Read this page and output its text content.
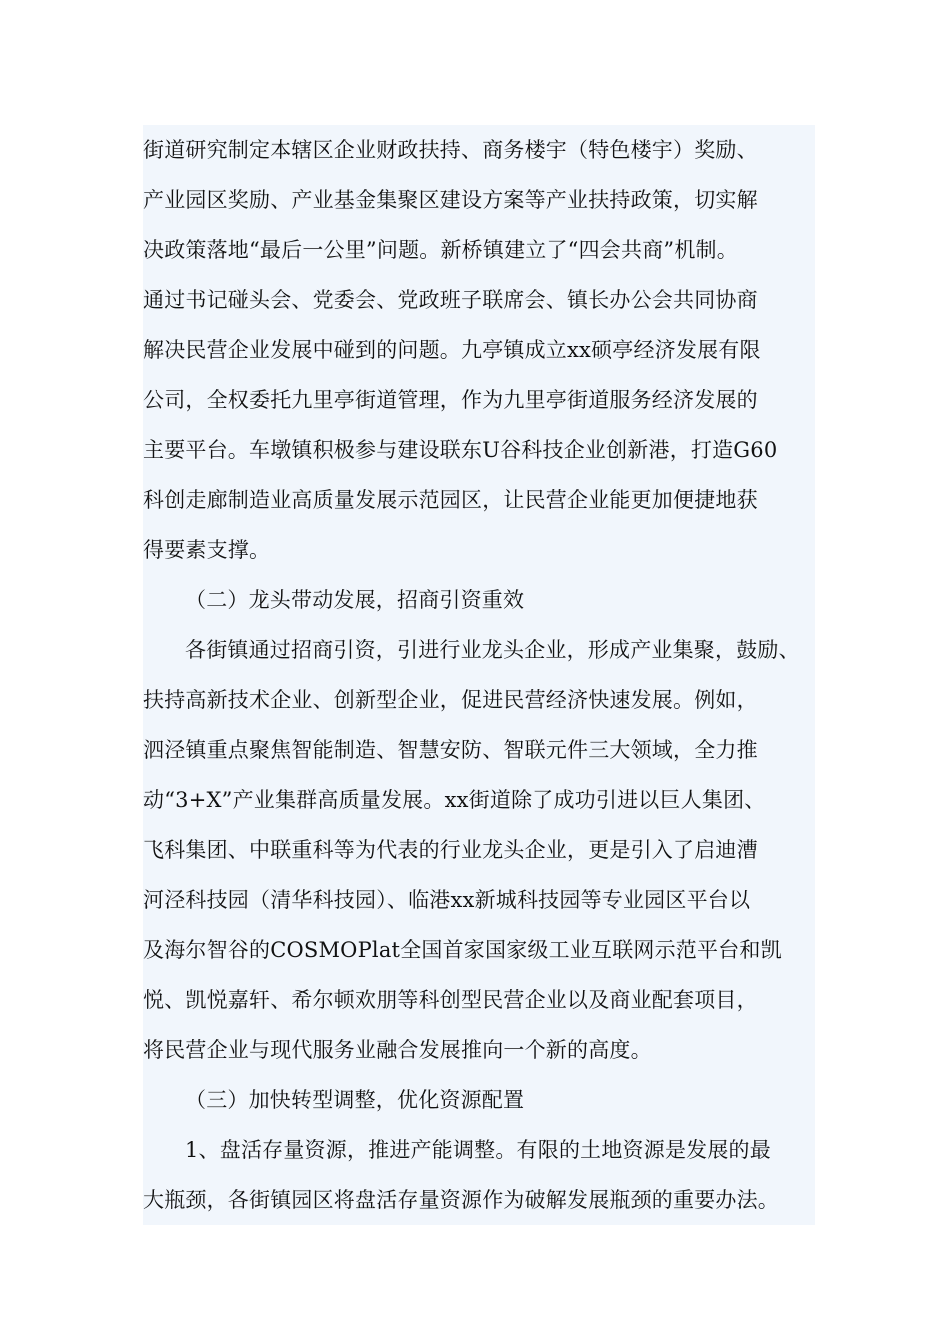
街道研究制定本辖区企业财政扶持、商务楼宇（特色楼宇）奖励、
产业园区奖励、产业基金集聚区建设方案等产业扶持政策，切实解
决政策落地“最后一公里”问题。新桥镇建立了“四会共商”机制。
通过书记碰头会、党委会、党政班子联席会、镇长办公会共同协商
解决民营企业发展中碰到的问题。九亭镇成立xx硕亭经济发展有限
公司，全权委托九里亭街道管理，作为九里亭街道服务经济发展的
主要平台。车墩镇积极参与建设联东U谷科技企业创新港，打造G60
科创走廊制造业高质量发展示范园区，让民营企业能更加便捷地获
得要素支撑。
（二）龙头带动发展，招商引资重效
各街镇通过招商引资，引进行业龙头企业，形成产业集聚，鼓励、
扶持高新技术企业、创新型企业，促进民营经济快速发展。例如，
泗泾镇重点聚焦智能制造、智慧安防、智联元件三大领域，全力推
动“3+X”产业集群高质量发展。xx街道除了成功引进以巨人集团、
飞科集团、中联重科等为代表的行业龙头企业，更是引入了启迪漕
河泾科技园（清华科技园）、临港xx新城科技园等专业园区平台以
及海尔智谷的COSMOPlat全国首家国家级工业互联网示范平台和凯
悦、凯悦嘉轩、希尔顿欢朋等科创型民营企业以及商业配套项目，
将民营企业与现代服务业融合发展推向一个新的高度。
（三）加快转型调整，优化资源配置
1、盘活存量资源，推进产能调整。有限的土地资源是发展的最
大瓶颈，各街镇园区将盘活存量资源作为破解发展瓶颈的重要办法。
